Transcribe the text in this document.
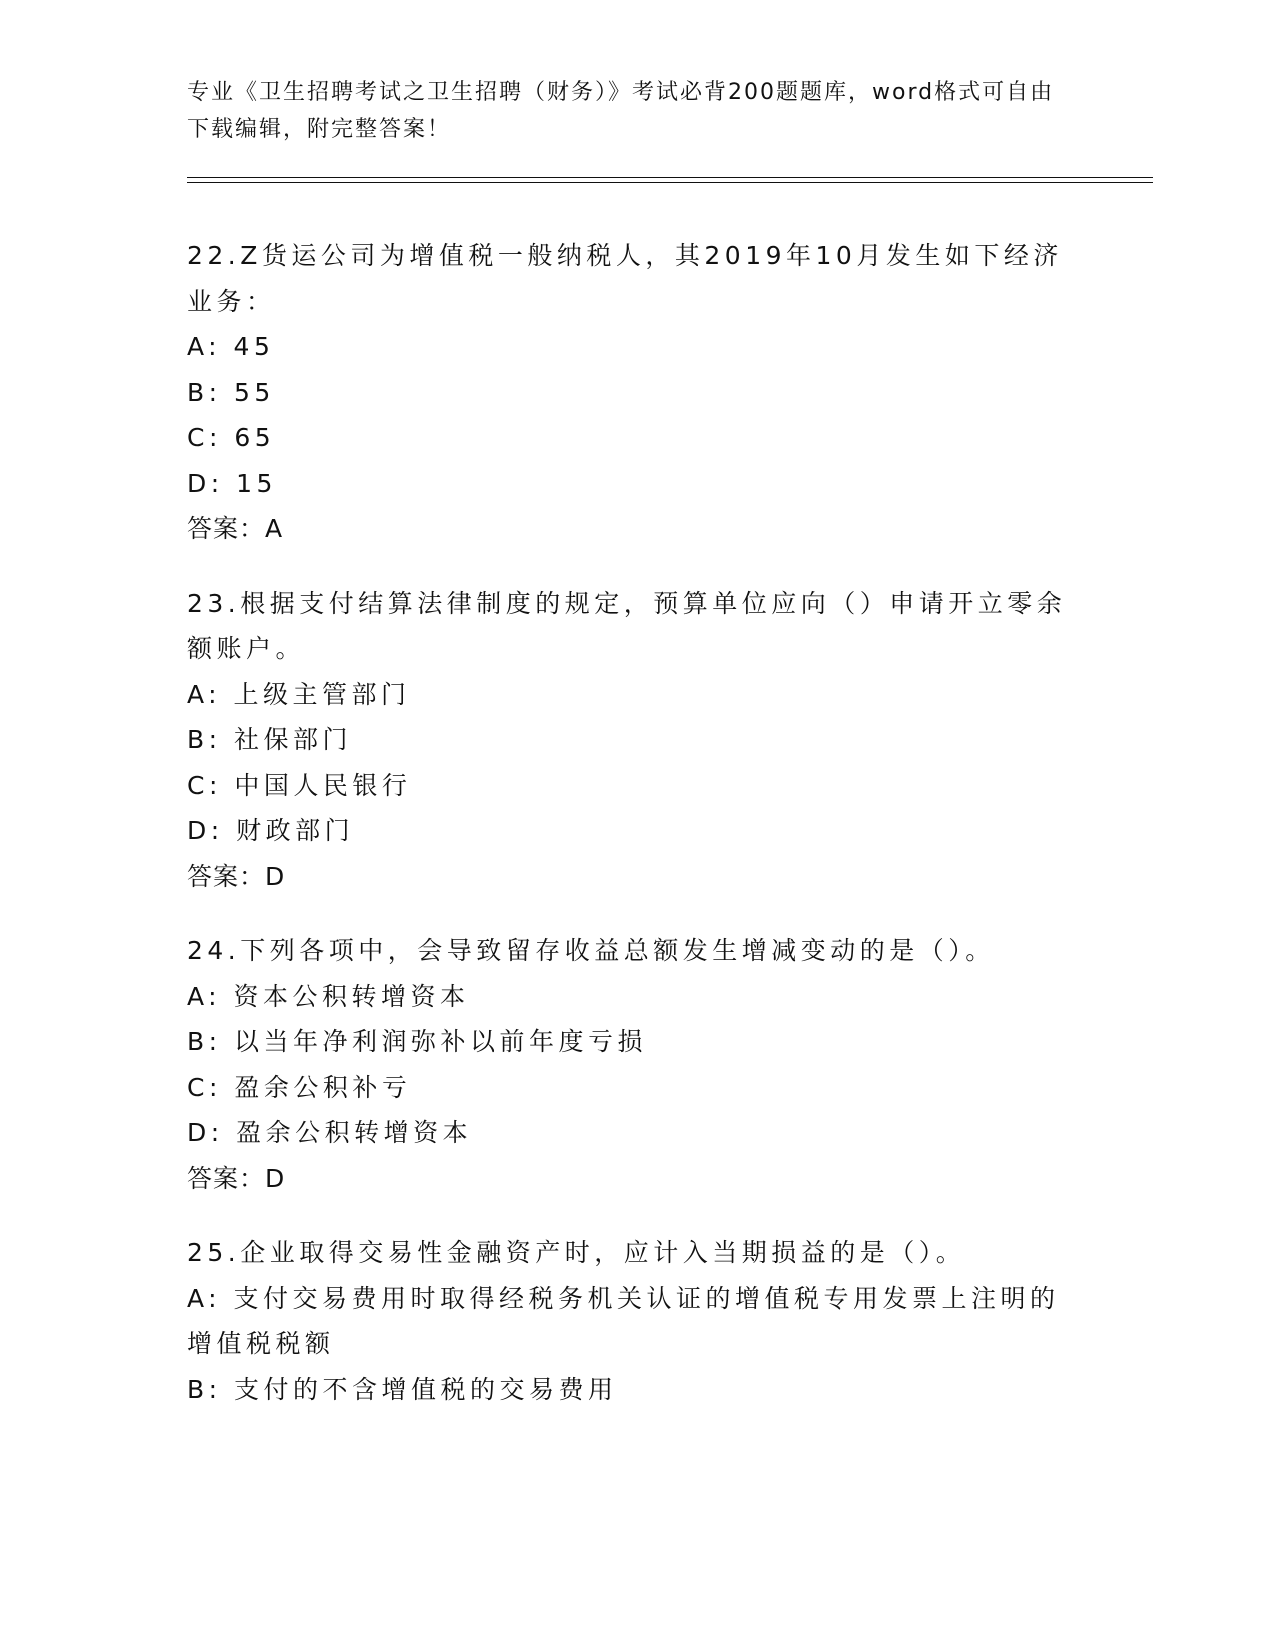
专业《卫生招聘考试之卫生招聘（财务）》考试必背200题题库，word格式可自由下载编辑，附完整答案！

22.Z货运公司为增值税一般纳税人，其2019年10月发生如下经济业务：

A: 45

B: 55

C: 65

D: 15

答案：A

23.根据支付结算法律制度的规定，预算单位应向（）申请开立零余额账户。

A: 上级主管部门

B: 社保部门

C: 中国人民银行

D: 财政部门

答案：D

24.下列各项中，会导致留存收益总额发生增减变动的是（）。

A: 资本公积转增资本

B: 以当年净利润弥补以前年度亏损

C: 盈余公积补亏

D: 盈余公积转增资本

答案：D

25.企业取得交易性金融资产时，应计入当期损益的是（）。

A: 支付交易费用时取得经税务机关认证的增值税专用发票上注明的增值税税额

B: 支付的不含增值税的交易费用
